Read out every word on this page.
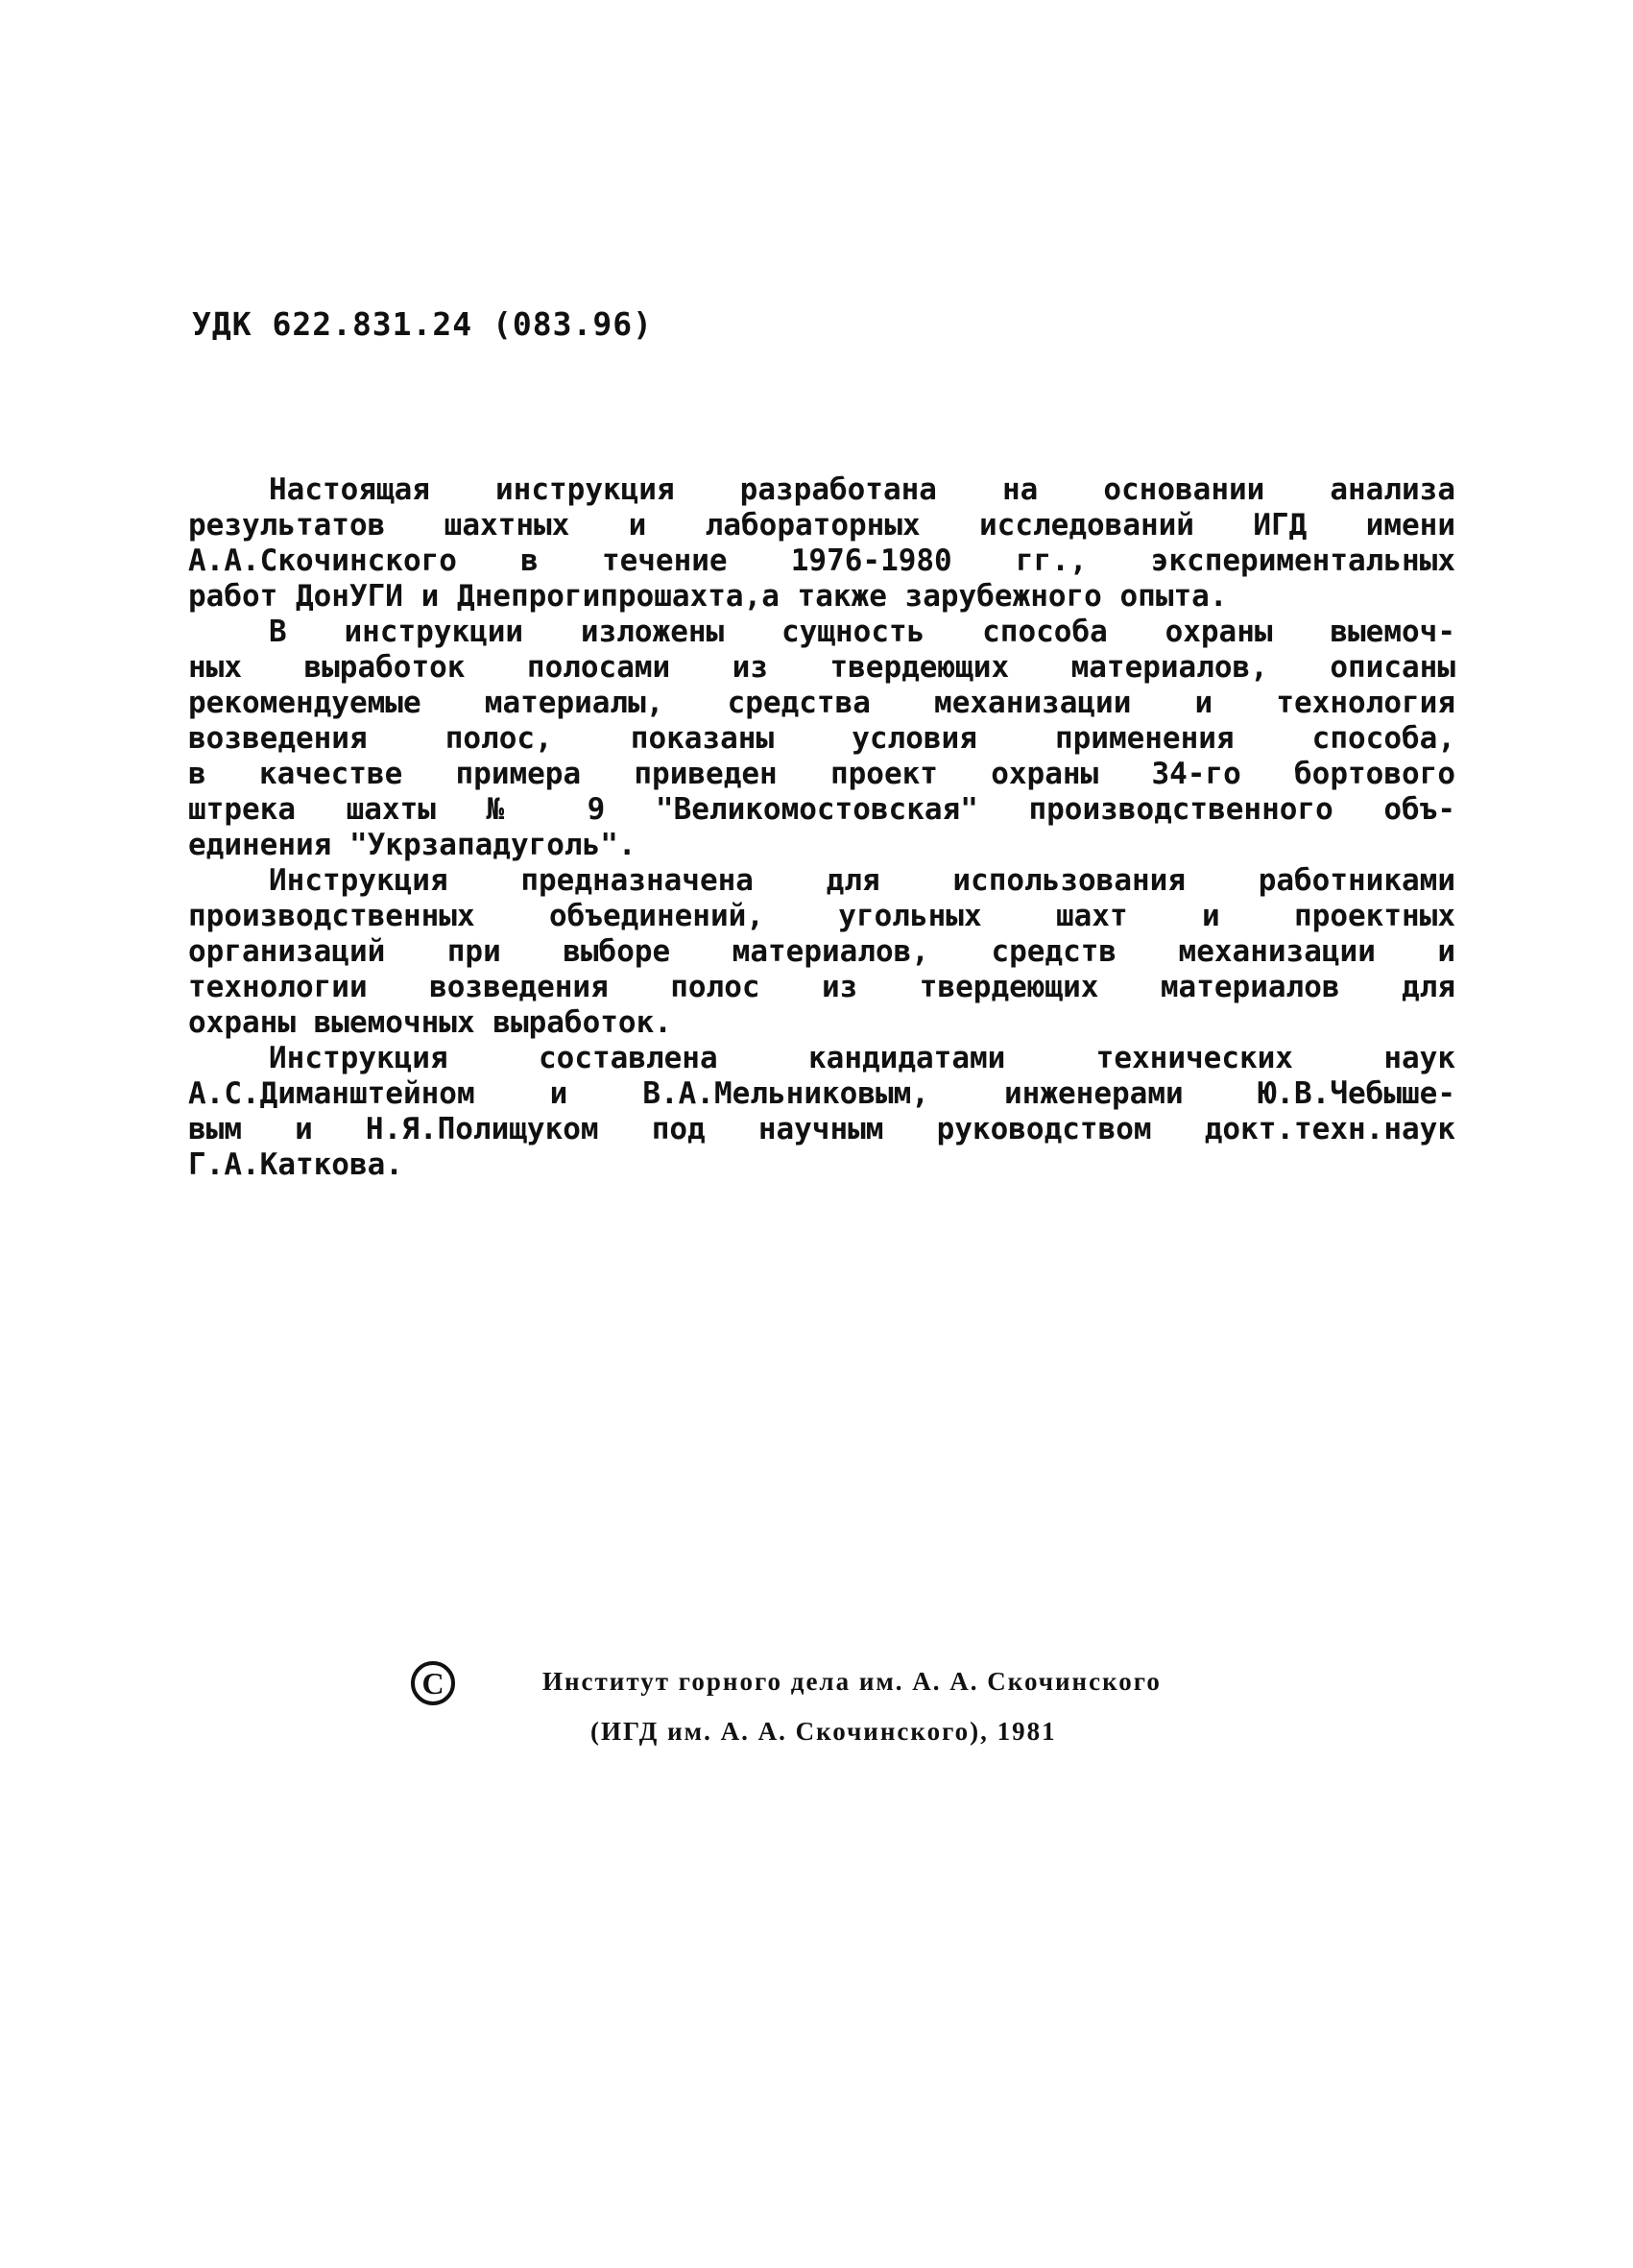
УДК 622.831.24 (083.96)
Настоящая инструкция разработана на основании анализа
результатов шахтных и лабораторных исследований ИГД имени
А.А.Скочинского в течение 1976-1980 гг., экспериментальных
работ ДонУГИ и Днепрогипрошахта,а также зарубежного опыта.
В инструкции изложены сущность способа охраны выемоч-
ных выработок полосами из твердеющих материалов, описаны
рекомендуемые материалы, средства механизации и технология
возведения полос, показаны условия применения способа,
в качестве примера приведен проект охраны 34-го бортового
штрека шахты № 9 "Великомостовская" производственного объ-
единения "Укрзападуголь".
Инструкция предназначена для использования работниками
производственных объединений, угольных шахт и проектных
организаций при выборе материалов, средств механизации и
технологии возведения полос из твердеющих материалов для
охраны выемочных выработок.
Инструкция составлена кандидатами технических наук
А.С.Диманштейном и В.А.Мельниковым, инженерами Ю.В.Чебыше-
вым и Н.Я.Полищуком под научным руководством докт.техн.наук
Г.А.Каткова.
C	Институт горного дела им. А. А. Скочинского
(ИГД им. А. А. Скочинского), 1981
